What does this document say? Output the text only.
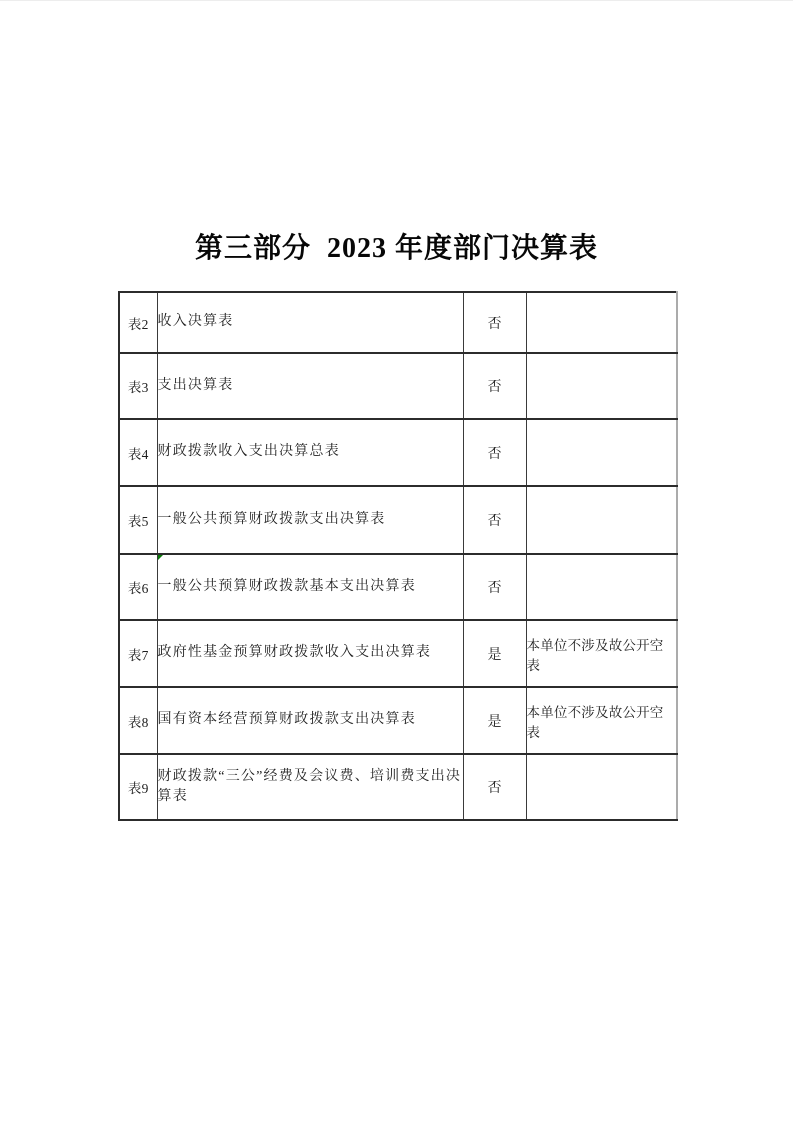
第三部分  2023 年度部门决算表
表2	收入决算表	否	
表3	支出决算表	否	
表4	财政拨款收入支出决算总表	否	
表5	一般公共预算财政拨款支出决算表	否	
表6	一般公共预算财政拨款基本支出决算表	否	
表7	政府性基金预算财政拨款收入支出决算表	是	本单位不涉及故公开空表
表8	国有资本经营预算财政拨款支出决算表	是	本单位不涉及故公开空表
表9	财政拨款“三公”经费及会议费、培训费支出决算表	否	
